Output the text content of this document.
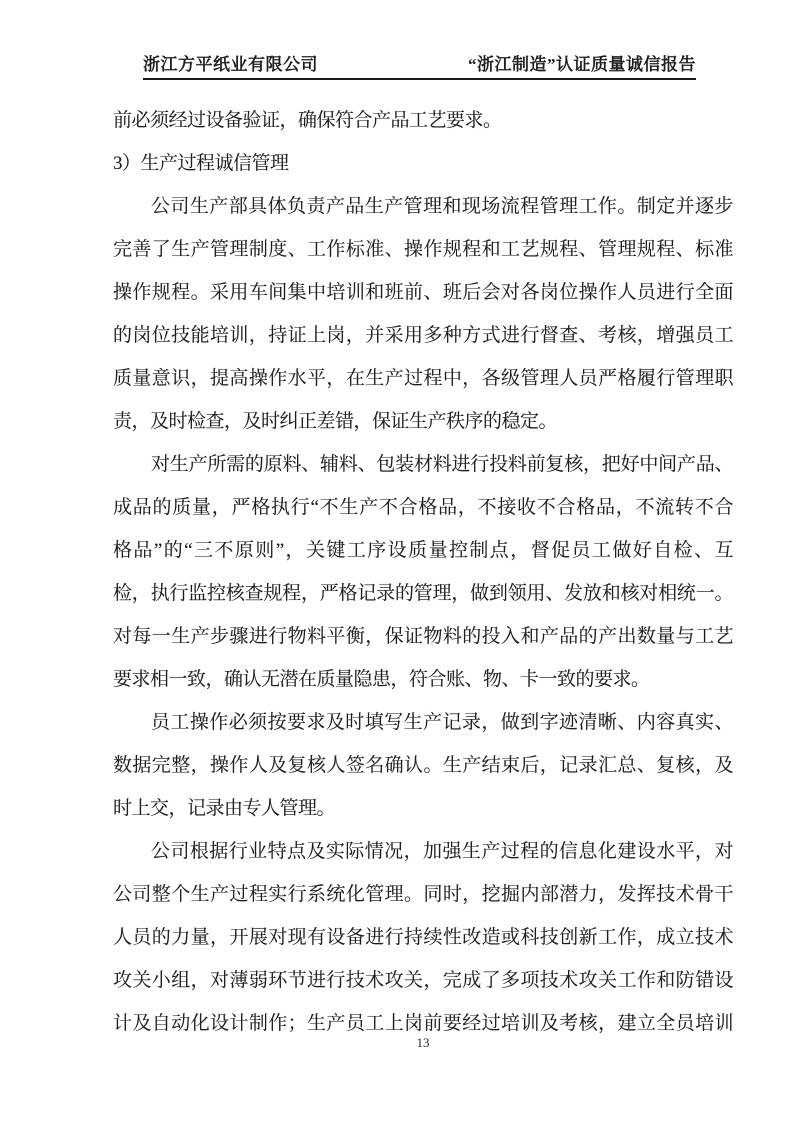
浙江方平纸业有限公司	“浙江制造”认证质量诚信报告
前必须经过设备验证，确保符合产品工艺要求。
3）生产过程诚信管理
公司生产部具体负责产品生产管理和现场流程管理工作。制定并逐步
完善了生产管理制度、工作标准、操作规程和工艺规程、管理规程、标准
操作规程。采用车间集中培训和班前、班后会对各岗位操作人员进行全面
的岗位技能培训，持证上岗，并采用多种方式进行督查、考核，增强员工
质量意识，提高操作水平，在生产过程中，各级管理人员严格履行管理职
责，及时检查，及时纠正差错，保证生产秩序的稳定。
对生产所需的原料、辅料、包装材料进行投料前复核，把好中间产品、
成品的质量，严格执行“不生产不合格品，不接收不合格品，不流转不合
格品”的“三不原则”，关键工序设质量控制点，督促员工做好自检、互
检，执行监控核查规程，严格记录的管理，做到领用、发放和核对相统一。
对每一生产步骤进行物料平衡，保证物料的投入和产品的产出数量与工艺
要求相一致，确认无潜在质量隐患，符合账、物、卡一致的要求。
员工操作必须按要求及时填写生产记录，做到字迹清晰、内容真实、
数据完整，操作人及复核人签名确认。生产结束后，记录汇总、复核，及
时上交，记录由专人管理。
公司根据行业特点及实际情况，加强生产过程的信息化建设水平，对
公司整个生产过程实行系统化管理。同时，挖掘内部潜力，发挥技术骨干
人员的力量，开展对现有设备进行持续性改造或科技创新工作，成立技术
攻关小组，对薄弱环节进行技术攻关，完成了多项技术攻关工作和防错设
计及自动化设计制作；生产员工上岗前要经过培训及考核，建立全员培训
13
